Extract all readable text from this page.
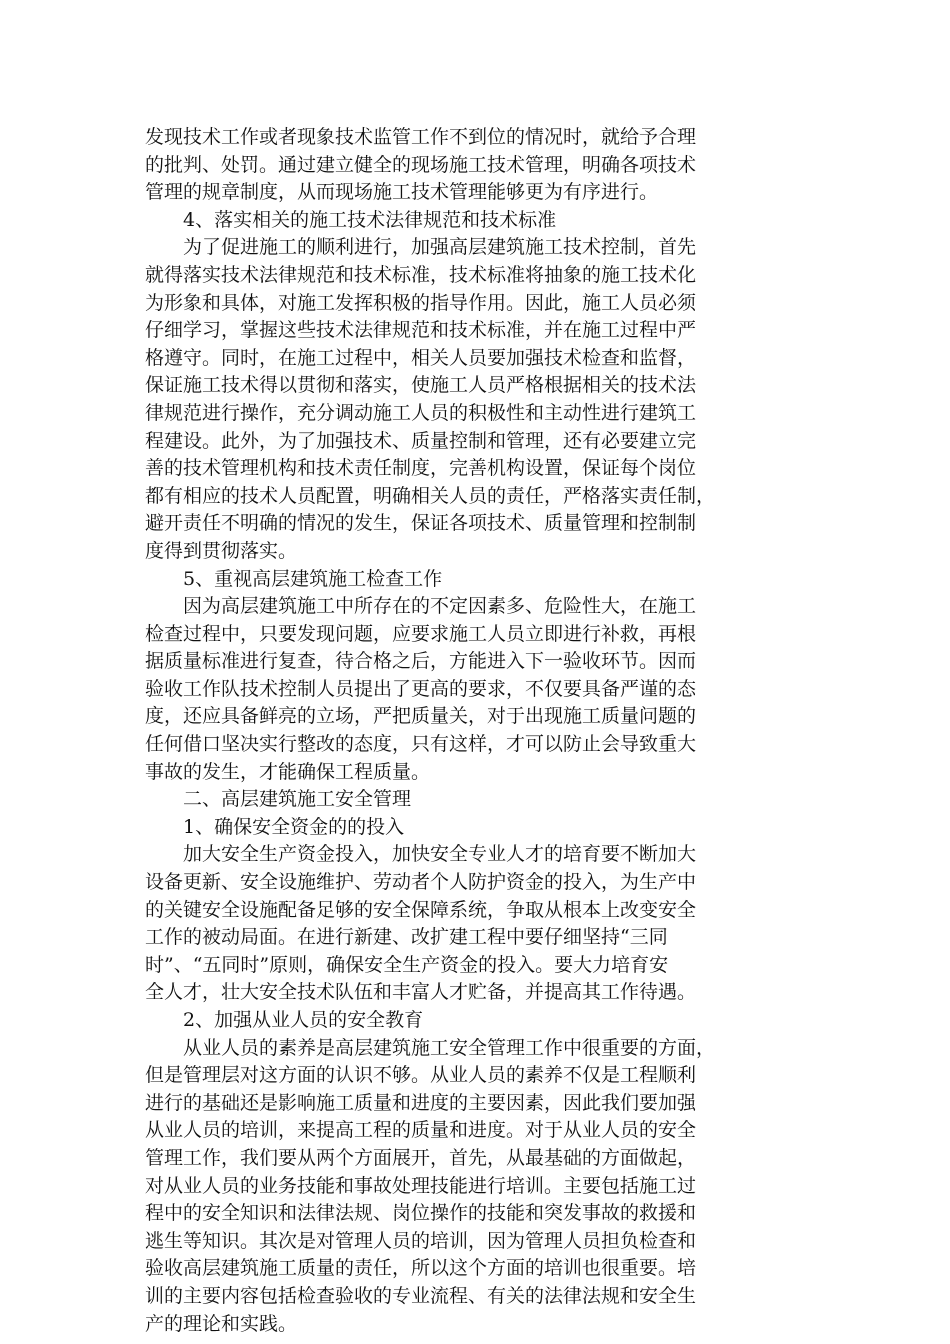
发现技术工作或者现象技术监管工作不到位的情况时，就给予合理
的批判、处罚。通过建立健全的现场施工技术管理，明确各项技术
管理的规章制度，从而现场施工技术管理能够更为有序进行。
4、落实相关的施工技术法律规范和技术标准
为了促进施工的顺利进行，加强高层建筑施工技术控制，首先
就得落实技术法律规范和技术标准，技术标准将抽象的施工技术化
为形象和具体，对施工发挥积极的指导作用。因此，施工人员必须
仔细学习，掌握这些技术法律规范和技术标准，并在施工过程中严
格遵守。同时，在施工过程中，相关人员要加强技术检查和监督，
保证施工技术得以贯彻和落实，使施工人员严格根据相关的技术法
律规范进行操作，充分调动施工人员的积极性和主动性进行建筑工
程建设。此外，为了加强技术、质量控制和管理，还有必要建立完
善的技术管理机构和技术责任制度，完善机构设置，保证每个岗位
都有相应的技术人员配置，明确相关人员的责任，严格落实责任制，
避开责任不明确的情况的发生，保证各项技术、质量管理和控制制
度得到贯彻落实。
5、重视高层建筑施工检查工作
因为高层建筑施工中所存在的不定因素多、危险性大，在施工
检查过程中，只要发现问题，应要求施工人员立即进行补救，再根
据质量标准进行复查，待合格之后，方能进入下一验收环节。因而
验收工作队技术控制人员提出了更高的要求，不仅要具备严谨的态
度，还应具备鲜亮的立场，严把质量关，对于出现施工质量问题的
任何借口坚决实行整改的态度，只有这样，才可以防止会导致重大
事故的发生，才能确保工程质量。
二、高层建筑施工安全管理
1、确保安全资金的的投入
加大安全生产资金投入，加快安全专业人才的培育要不断加大
设备更新、安全设施维护、劳动者个人防护资金的投入，为生产中
的关键安全设施配备足够的安全保障系统，争取从根本上改变安全
工作的被动局面。在进行新建、改扩建工程中要仔细坚持“三同
时”、“五同时”原则，确保安全生产资金的投入。要大力培育安
全人才，壮大安全技术队伍和丰富人才贮备，并提高其工作待遇。
2、加强从业人员的安全教育
从业人员的素养是高层建筑施工安全管理工作中很重要的方面，
但是管理层对这方面的认识不够。从业人员的素养不仅是工程顺利
进行的基础还是影响施工质量和进度的主要因素，因此我们要加强
从业人员的培训，来提高工程的质量和进度。对于从业人员的安全
管理工作，我们要从两个方面展开，首先，从最基础的方面做起，
对从业人员的业务技能和事故处理技能进行培训。主要包括施工过
程中的安全知识和法律法规、岗位操作的技能和突发事故的救援和
逃生等知识。其次是对管理人员的培训，因为管理人员担负检查和
验收高层建筑施工质量的责任，所以这个方面的培训也很重要。培
训的主要内容包括检查验收的专业流程、有关的法律法规和安全生
产的理论和实践。
